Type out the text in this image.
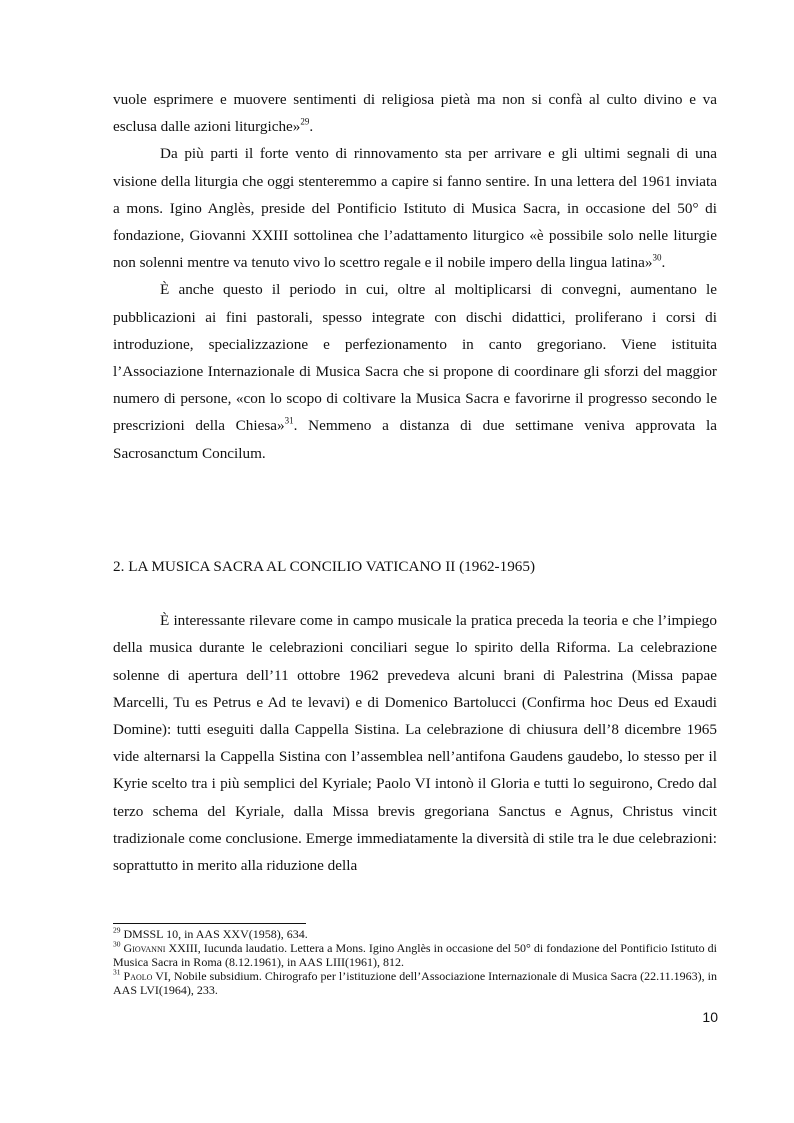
vuole esprimere e muovere sentimenti di religiosa pietà ma non si confà al culto divino e va esclusa dalle azioni liturgiche»$^{29}$.

Da più parti il forte vento di rinnovamento sta per arrivare e gli ultimi segnali di una visione della liturgia che oggi stenteremmo a capire si fanno sentire. In una lettera del 1961 inviata a mons. Igino Anglès, preside del Pontificio Istituto di Musica Sacra, in occasione del 50° di fondazione, Giovanni XXIII sottolinea che l’adattamento liturgico «è possibile solo nelle liturgie non solenni mentre va tenuto vivo lo scettro regale e il nobile impero della lingua latina»$^{30}$.

È anche questo il periodo in cui, oltre al moltiplicarsi di convegni, aumentano le pubblicazioni ai fini pastorali, spesso integrate con dischi didattici, proliferano i corsi di introduzione, specializzazione e perfezionamento in canto gregoriano. Viene istituita l’Associazione Internazionale di Musica Sacra che si propone di coordinare gli sforzi del maggior numero di persone, «con lo scopo di coltivare la Musica Sacra e favorirne il progresso secondo le prescrizioni della Chiesa»$^{31}$. Nemmeno a distanza di due settimane veniva approvata la Sacrosanctum Concilum.

2. LA MUSICA SACRA AL CONCILIO VATICANO II (1962-1965)

È interessante rilevare come in campo musicale la pratica preceda la teoria e che l’impiego della musica durante le celebrazioni conciliari segue lo spirito della Riforma. La celebrazione solenne di apertura dell’11 ottobre 1962 prevedeva alcuni brani di Palestrina (Missa papae Marcelli, Tu es Petrus e Ad te levavi) e di Domenico Bartolucci (Confirma hoc Deus ed Exaudi Domine): tutti eseguiti dalla Cappella Sistina. La celebrazione di chiusura dell’8 dicembre 1965 vide alternarsi la Cappella Sistina con l’assemblea nell’antifona Gaudens gaudebo, lo stesso per il Kyrie scelto tra i più semplici del Kyriale; Paolo VI intonò il Gloria e tutti lo seguirono, Credo dal terzo schema del Kyriale, dalla Missa brevis gregoriana Sanctus e Agnus, Christus vincit tradizionale come conclusione. Emerge immediatamente la diversità di stile tra le due celebrazioni: soprattutto in merito alla riduzione della

$^{29}$ DMSSL 10, in AAS XXV(1958), 634.

$^{30}$ Giovanni XXIII, Iucunda laudatio. Lettera a Mons. Igino Anglès in occasione del 50° di fondazione del Pontificio Istituto di Musica Sacra in Roma (8.12.1961), in AAS LIII(1961), 812.

$^{31}$ Paolo VI, Nobile subsidium. Chirografo per l’istituzione dell’Associazione Internazionale di Musica Sacra (22.11.1963), in AAS LVI(1964), 233.

10
